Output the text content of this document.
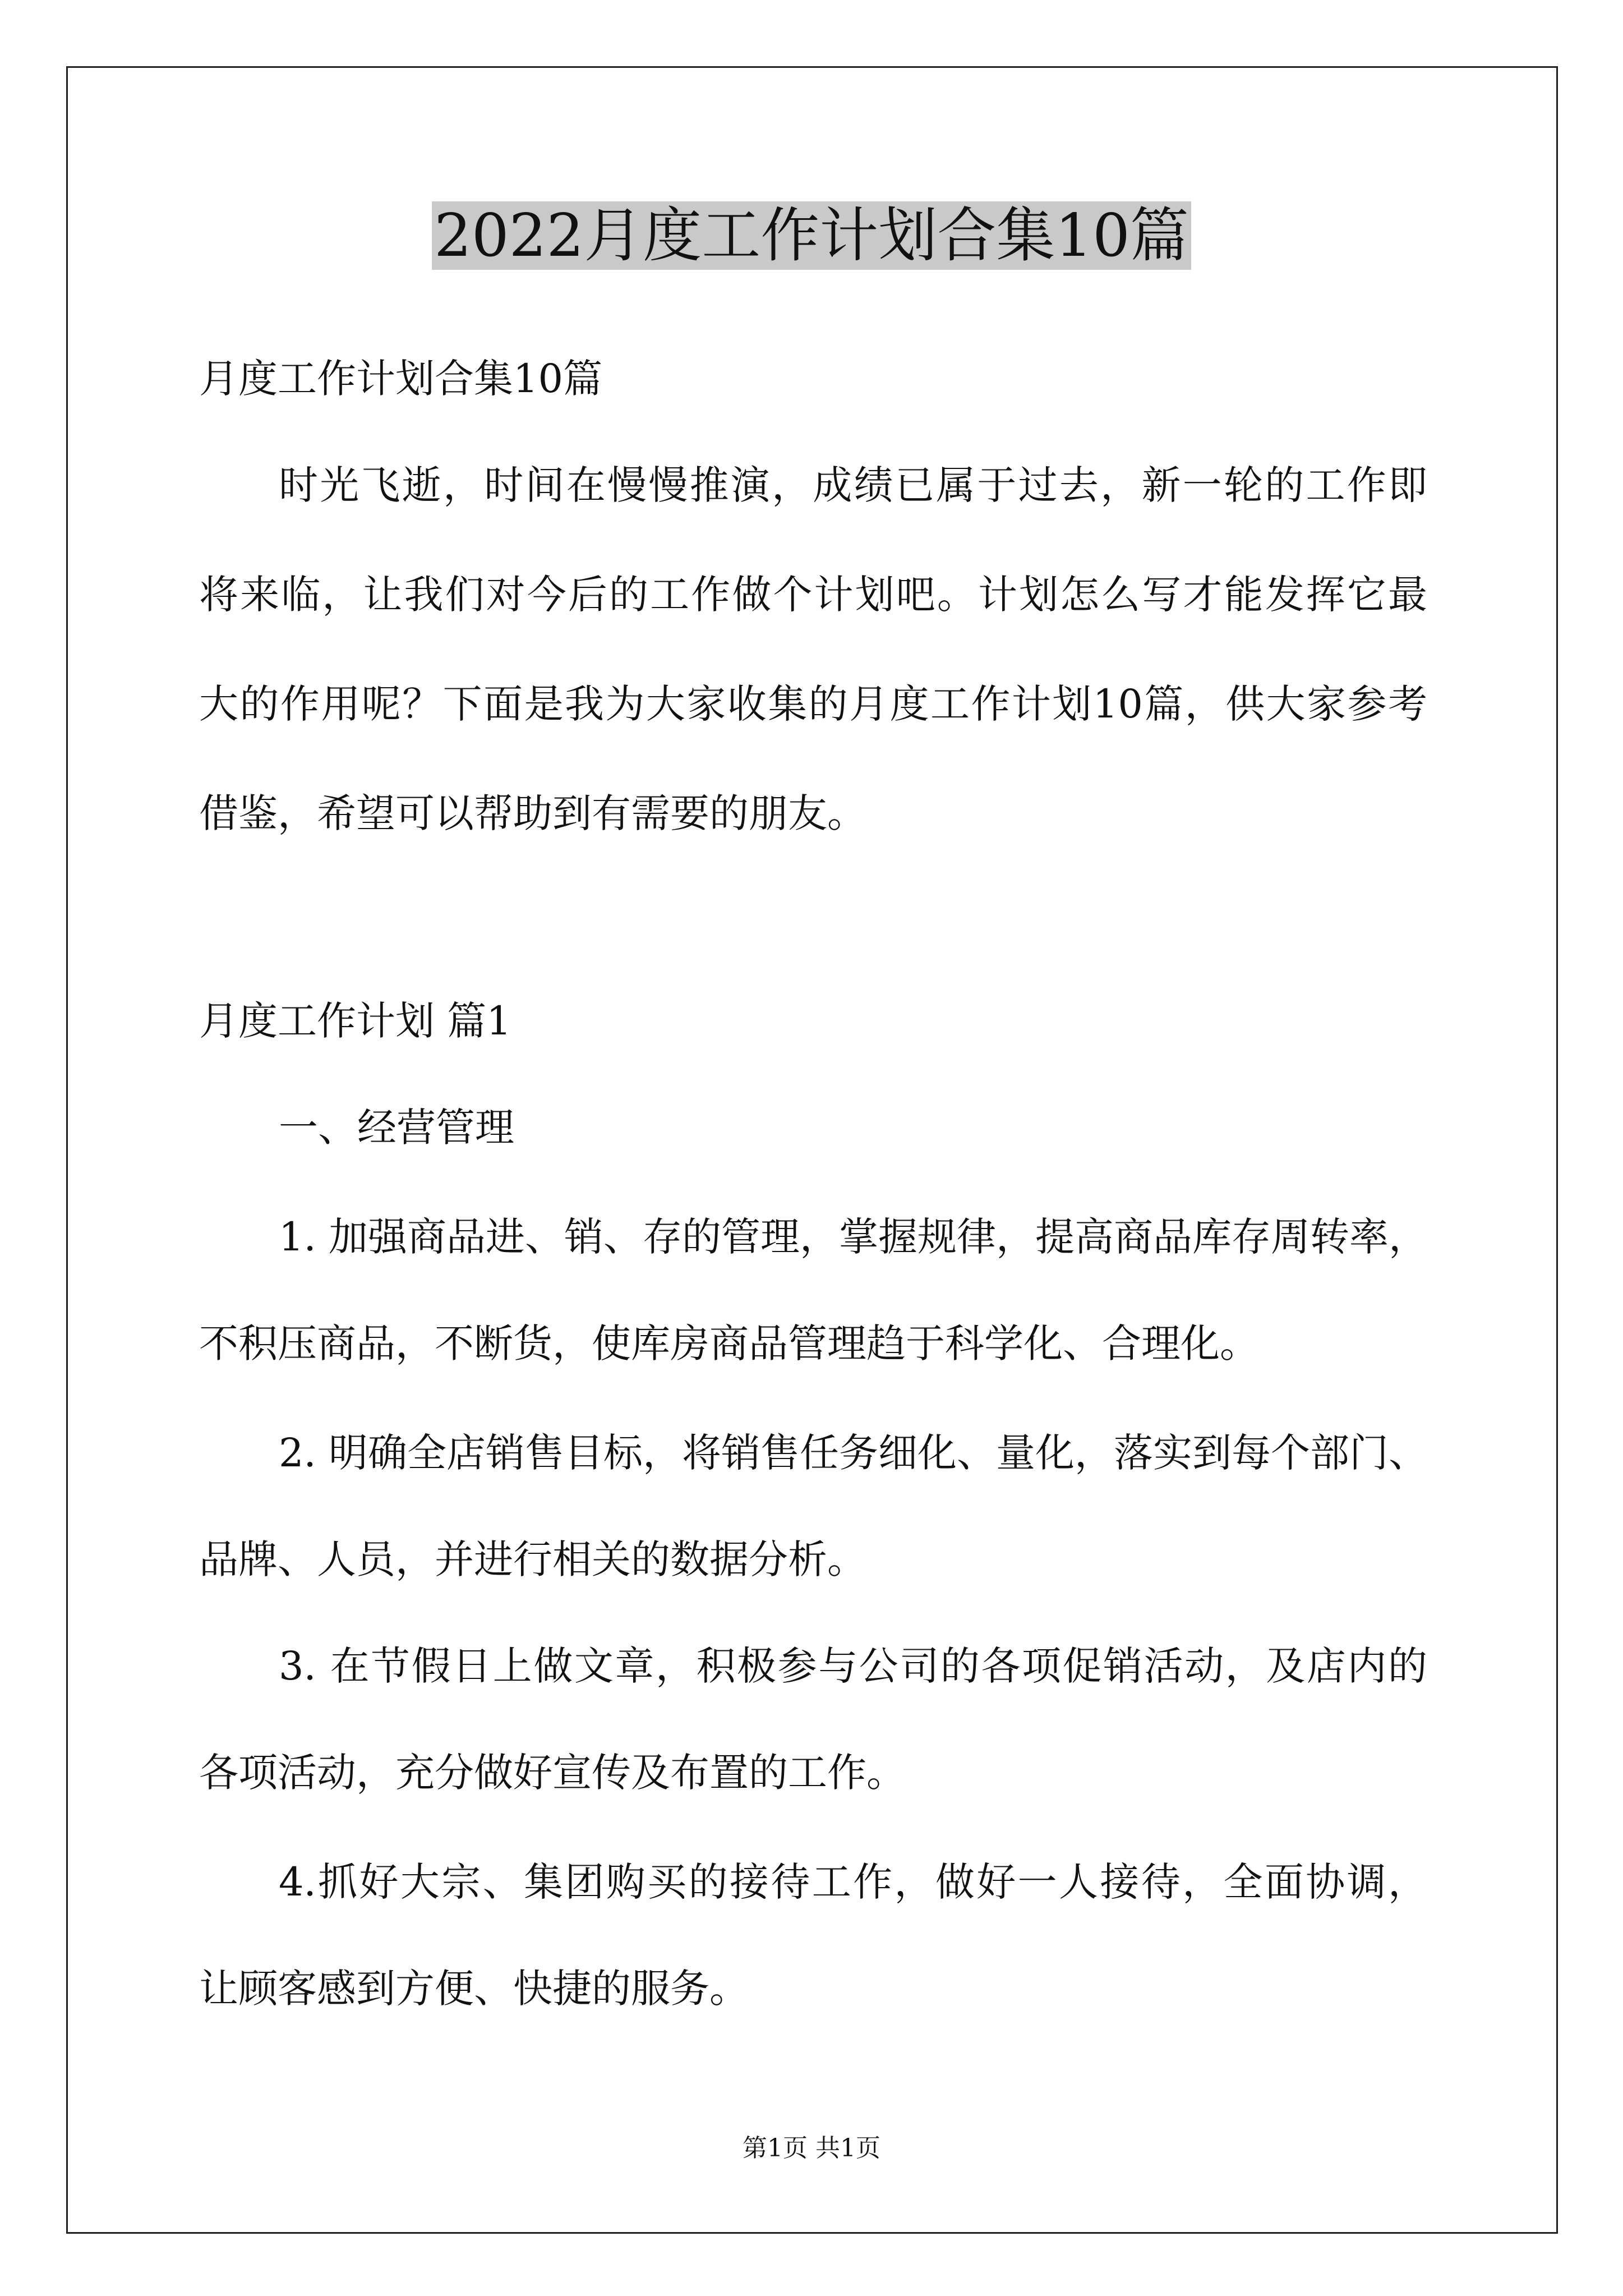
2022月度工作计划合集10篇
月度工作计划合集10篇
时光飞逝，时间在慢慢推演，成绩已属于过去，新一轮的工作即
将来临，让我们对今后的工作做个计划吧。计划怎么写才能发挥它最
大的作用呢？下面是我为大家收集的月度工作计划10篇，供大家参考
借鉴，希望可以帮助到有需要的朋友。
月度工作计划 篇1
一、经营管理
1. 加强商品进、销、存的管理，掌握规律，提高商品库存周转率，
不积压商品，不断货，使库房商品管理趋于科学化、合理化。
2. 明确全店销售目标，将销售任务细化、量化，落实到每个部门、
品牌、人员，并进行相关的数据分析。
3. 在节假日上做文章，积极参与公司的各项促销活动，及店内的
各项活动，充分做好宣传及布置的工作。
4.抓好大宗、集团购买的接待工作，做好一人接待，全面协调，
让顾客感到方便、快捷的服务。
第1页 共1页
